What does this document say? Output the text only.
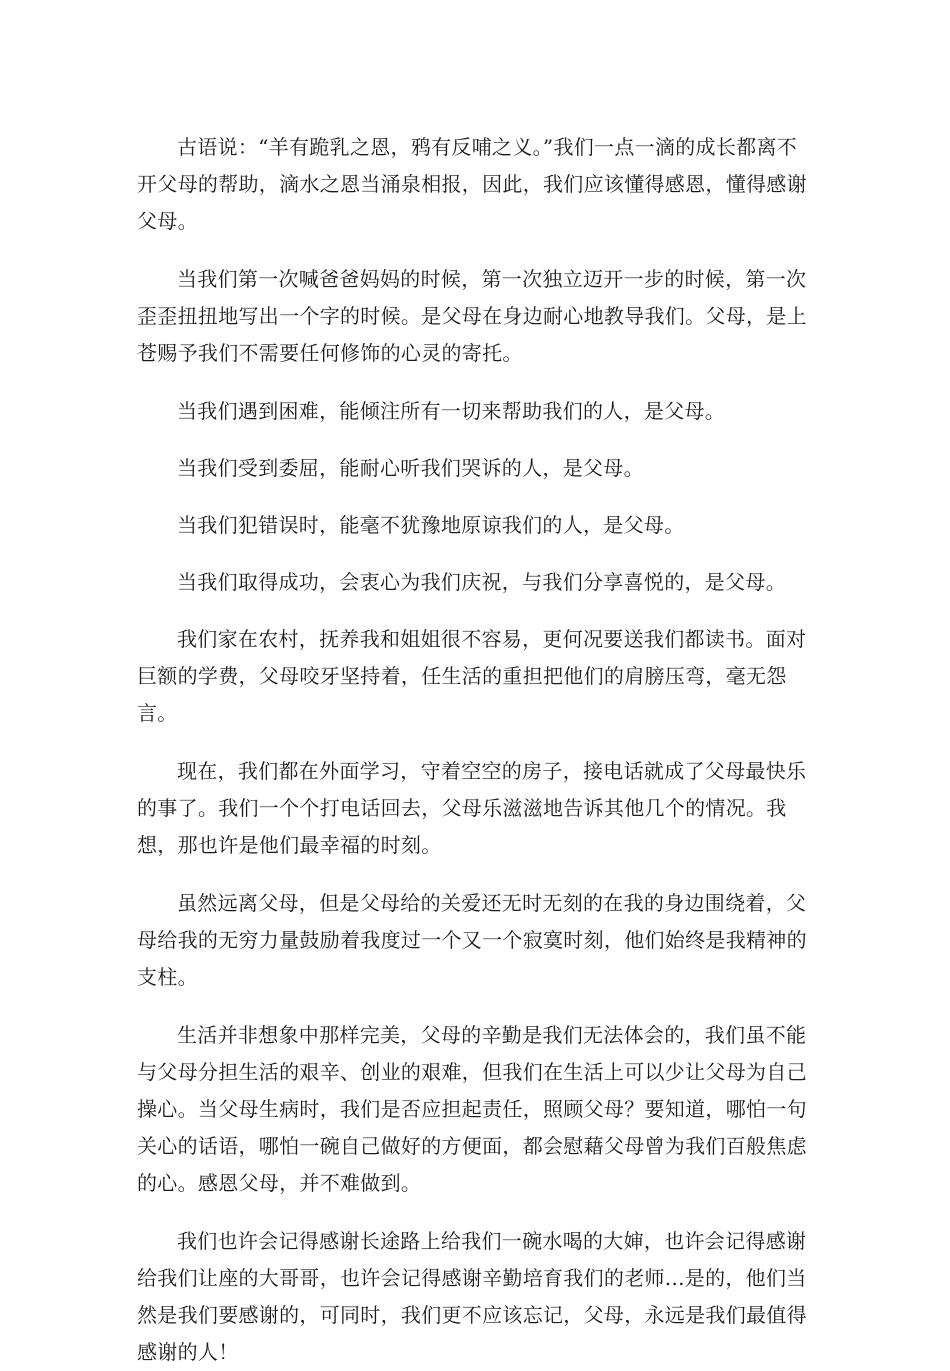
古语说：“羊有跪乳之恩，鸦有反哺之义。”我们一点一滴的成长都离不开父母的帮助，滴水之恩当涌泉相报，因此，我们应该懂得感恩，懂得感谢父母。

当我们第一次喊爸爸妈妈的时候，第一次独立迈开一步的时候，第一次歪歪扭扭地写出一个字的时候。是父母在身边耐心地教导我们。父母，是上苍赐予我们不需要任何修饰的心灵的寄托。

当我们遇到困难，能倾注所有一切来帮助我们的人，是父母。

当我们受到委屈，能耐心听我们哭诉的人，是父母。

当我们犯错误时，能毫不犹豫地原谅我们的人，是父母。

当我们取得成功，会衷心为我们庆祝，与我们分享喜悦的，是父母。

我们家在农村，抚养我和姐姐很不容易，更何况要送我们都读书。面对巨额的学费，父母咬牙坚持着，任生活的重担把他们的肩膀压弯，毫无怨言。

现在，我们都在外面学习，守着空空的房子，接电话就成了父母最快乐的事了。我们一个个打电话回去，父母乐滋滋地告诉其他几个的情况。我想，那也许是他们最幸福的时刻。

虽然远离父母，但是父母给的关爱还无时无刻的在我的身边围绕着，父母给我的无穷力量鼓励着我度过一个又一个寂寞时刻，他们始终是我精神的支柱。

生活并非想象中那样完美，父母的辛勤是我们无法体会的，我们虽不能与父母分担生活的艰辛、创业的艰难，但我们在生活上可以少让父母为自己操心。当父母生病时，我们是否应担起责任，照顾父母？要知道，哪怕一句关心的话语，哪怕一碗自己做好的方便面，都会慰藉父母曾为我们百般焦虑的心。感恩父母，并不难做到。

我们也许会记得感谢长途路上给我们一碗水喝的大婶，也许会记得感谢给我们让座的大哥哥，也许会记得感谢辛勤培育我们的老师...是的，他们当然是我们要感谢的，可同时，我们更不应该忘记，父母，永远是我们最值得感谢的人！
